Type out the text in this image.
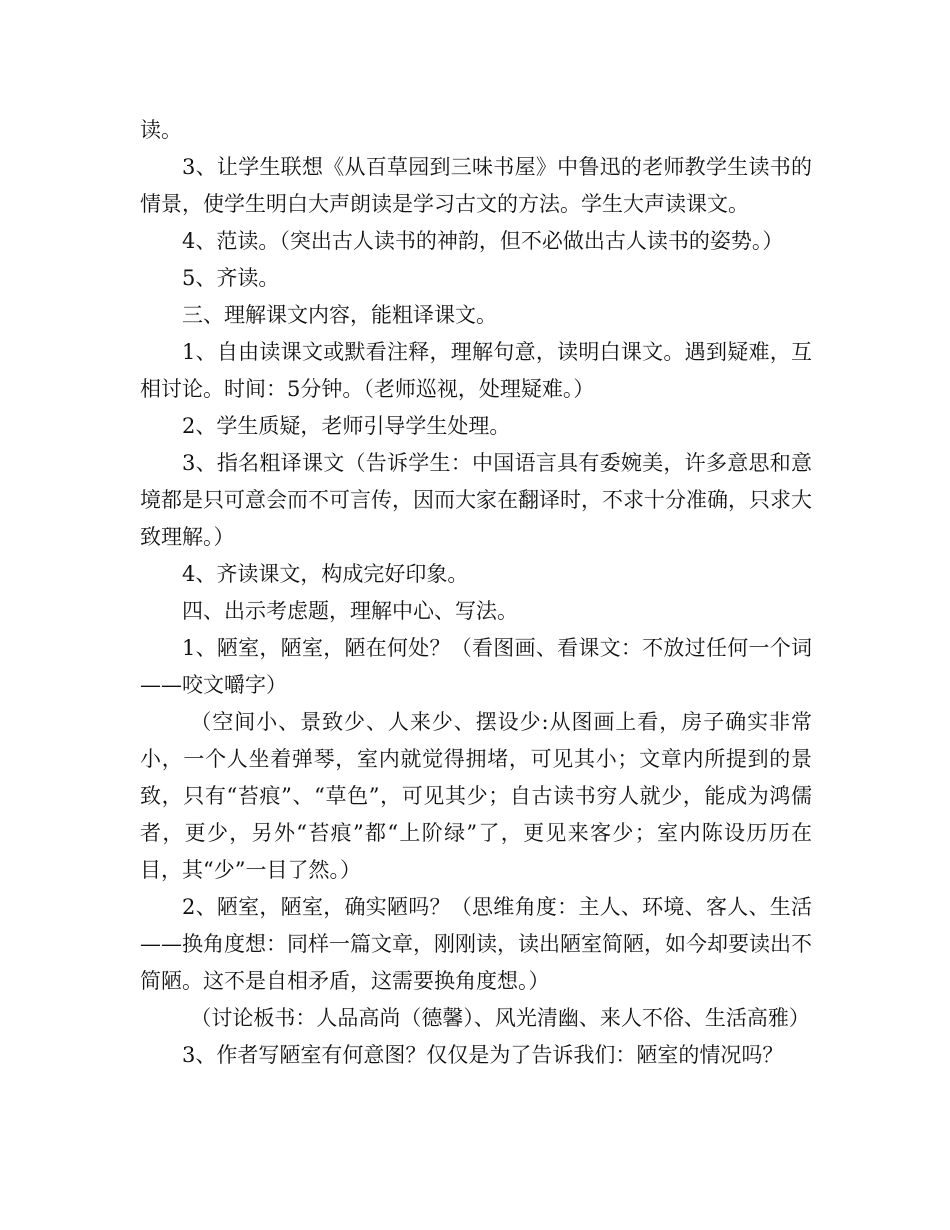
读。

3、让学生联想《从百草园到三味书屋》中鲁迅的老师教学生读书的情景，使学生明白大声朗读是学习古文的方法。学生大声读课文。

4、范读。（突出古人读书的神韵，但不必做出古人读书的姿势。）

5、齐读。

三、理解课文内容，能粗译课文。

1、自由读课文或默看注释，理解句意，读明白课文。遇到疑难，互相讨论。时间：5分钟。（老师巡视，处理疑难。）

2、学生质疑，老师引导学生处理。

3、指名粗译课文（告诉学生：中国语言具有委婉美，许多意思和意境都是只可意会而不可言传，因而大家在翻译时，不求十分准确，只求大致理解。）

4、齐读课文，构成完好印象。

四、出示考虑题，理解中心、写法。

1、陋室，陋室，陋在何处？（看图画、看课文：不放过任何一个词——咬文嚼字）

（空间小、景致少、人来少、摆设少:从图画上看，房子确实非常小，一个人坐着弹琴，室内就觉得拥堵，可见其小；文章内所提到的景致，只有“苔痕”、“草色”，可见其少；自古读书穷人就少，能成为鸿儒者，更少，另外“苔痕”都“上阶绿”了，更见来客少；室内陈设历历在目，其“少”一目了然。）

2、陋室，陋室，确实陋吗？（思维角度：主人、环境、客人、生活——换角度想：同样一篇文章，刚刚读，读出陋室简陋，如今却要读出不简陋。这不是自相矛盾，这需要换角度想。）

（讨论板书：人品高尚（德馨）、风光清幽、来人不俗、生活高雅）

3、作者写陋室有何意图？仅仅是为了告诉我们：陋室的情况吗？
